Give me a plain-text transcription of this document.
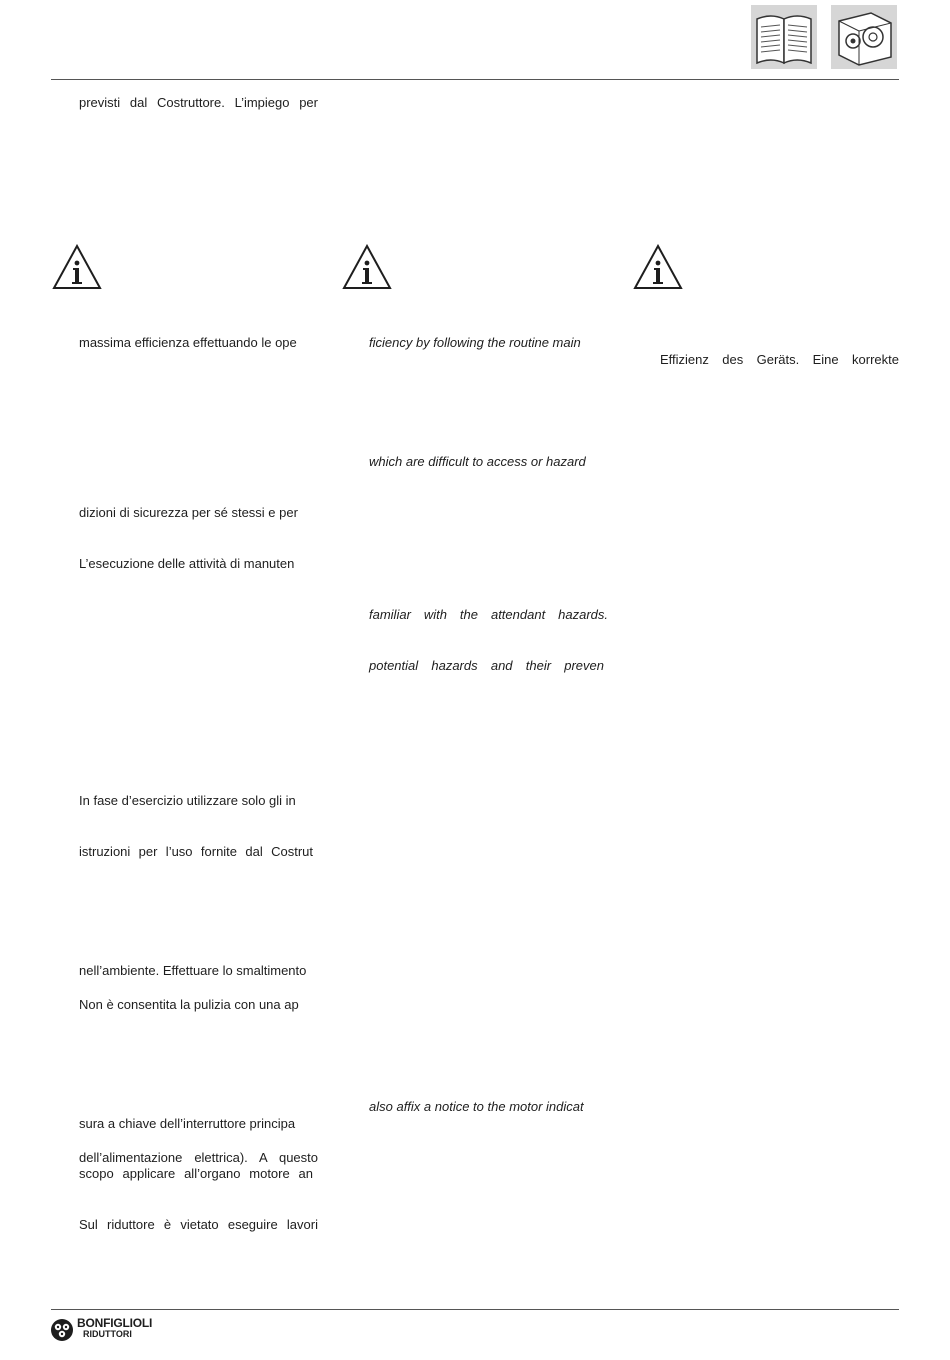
previsti dal Costruttore. L’impiego per
massima efficienza effettuando le ope
dizioni di sicurezza per sé stessi e per
L’esecuzione delle attività di manuten
In fase d’esercizio utilizzare solo gli in
istruzioni per l’uso fornite dal Costrut
nell’ambiente. Effettuare lo smaltimento
Non è consentita la pulizia con una ap
sura a chiave dell’interruttore principa
dell’alimentazione elettrica). A questo
scopo applicare all’organo motore an
Sul riduttore è vietato eseguire lavori
ficiency by following the routine main
which are difficult to access or hazard
familiar with the attendant hazards.
potential hazards and their preven
also affix a notice to the motor indicat
Effizienz des Geräts. Eine korrekte
BONFIGLIOLI
RIDUTTORI
